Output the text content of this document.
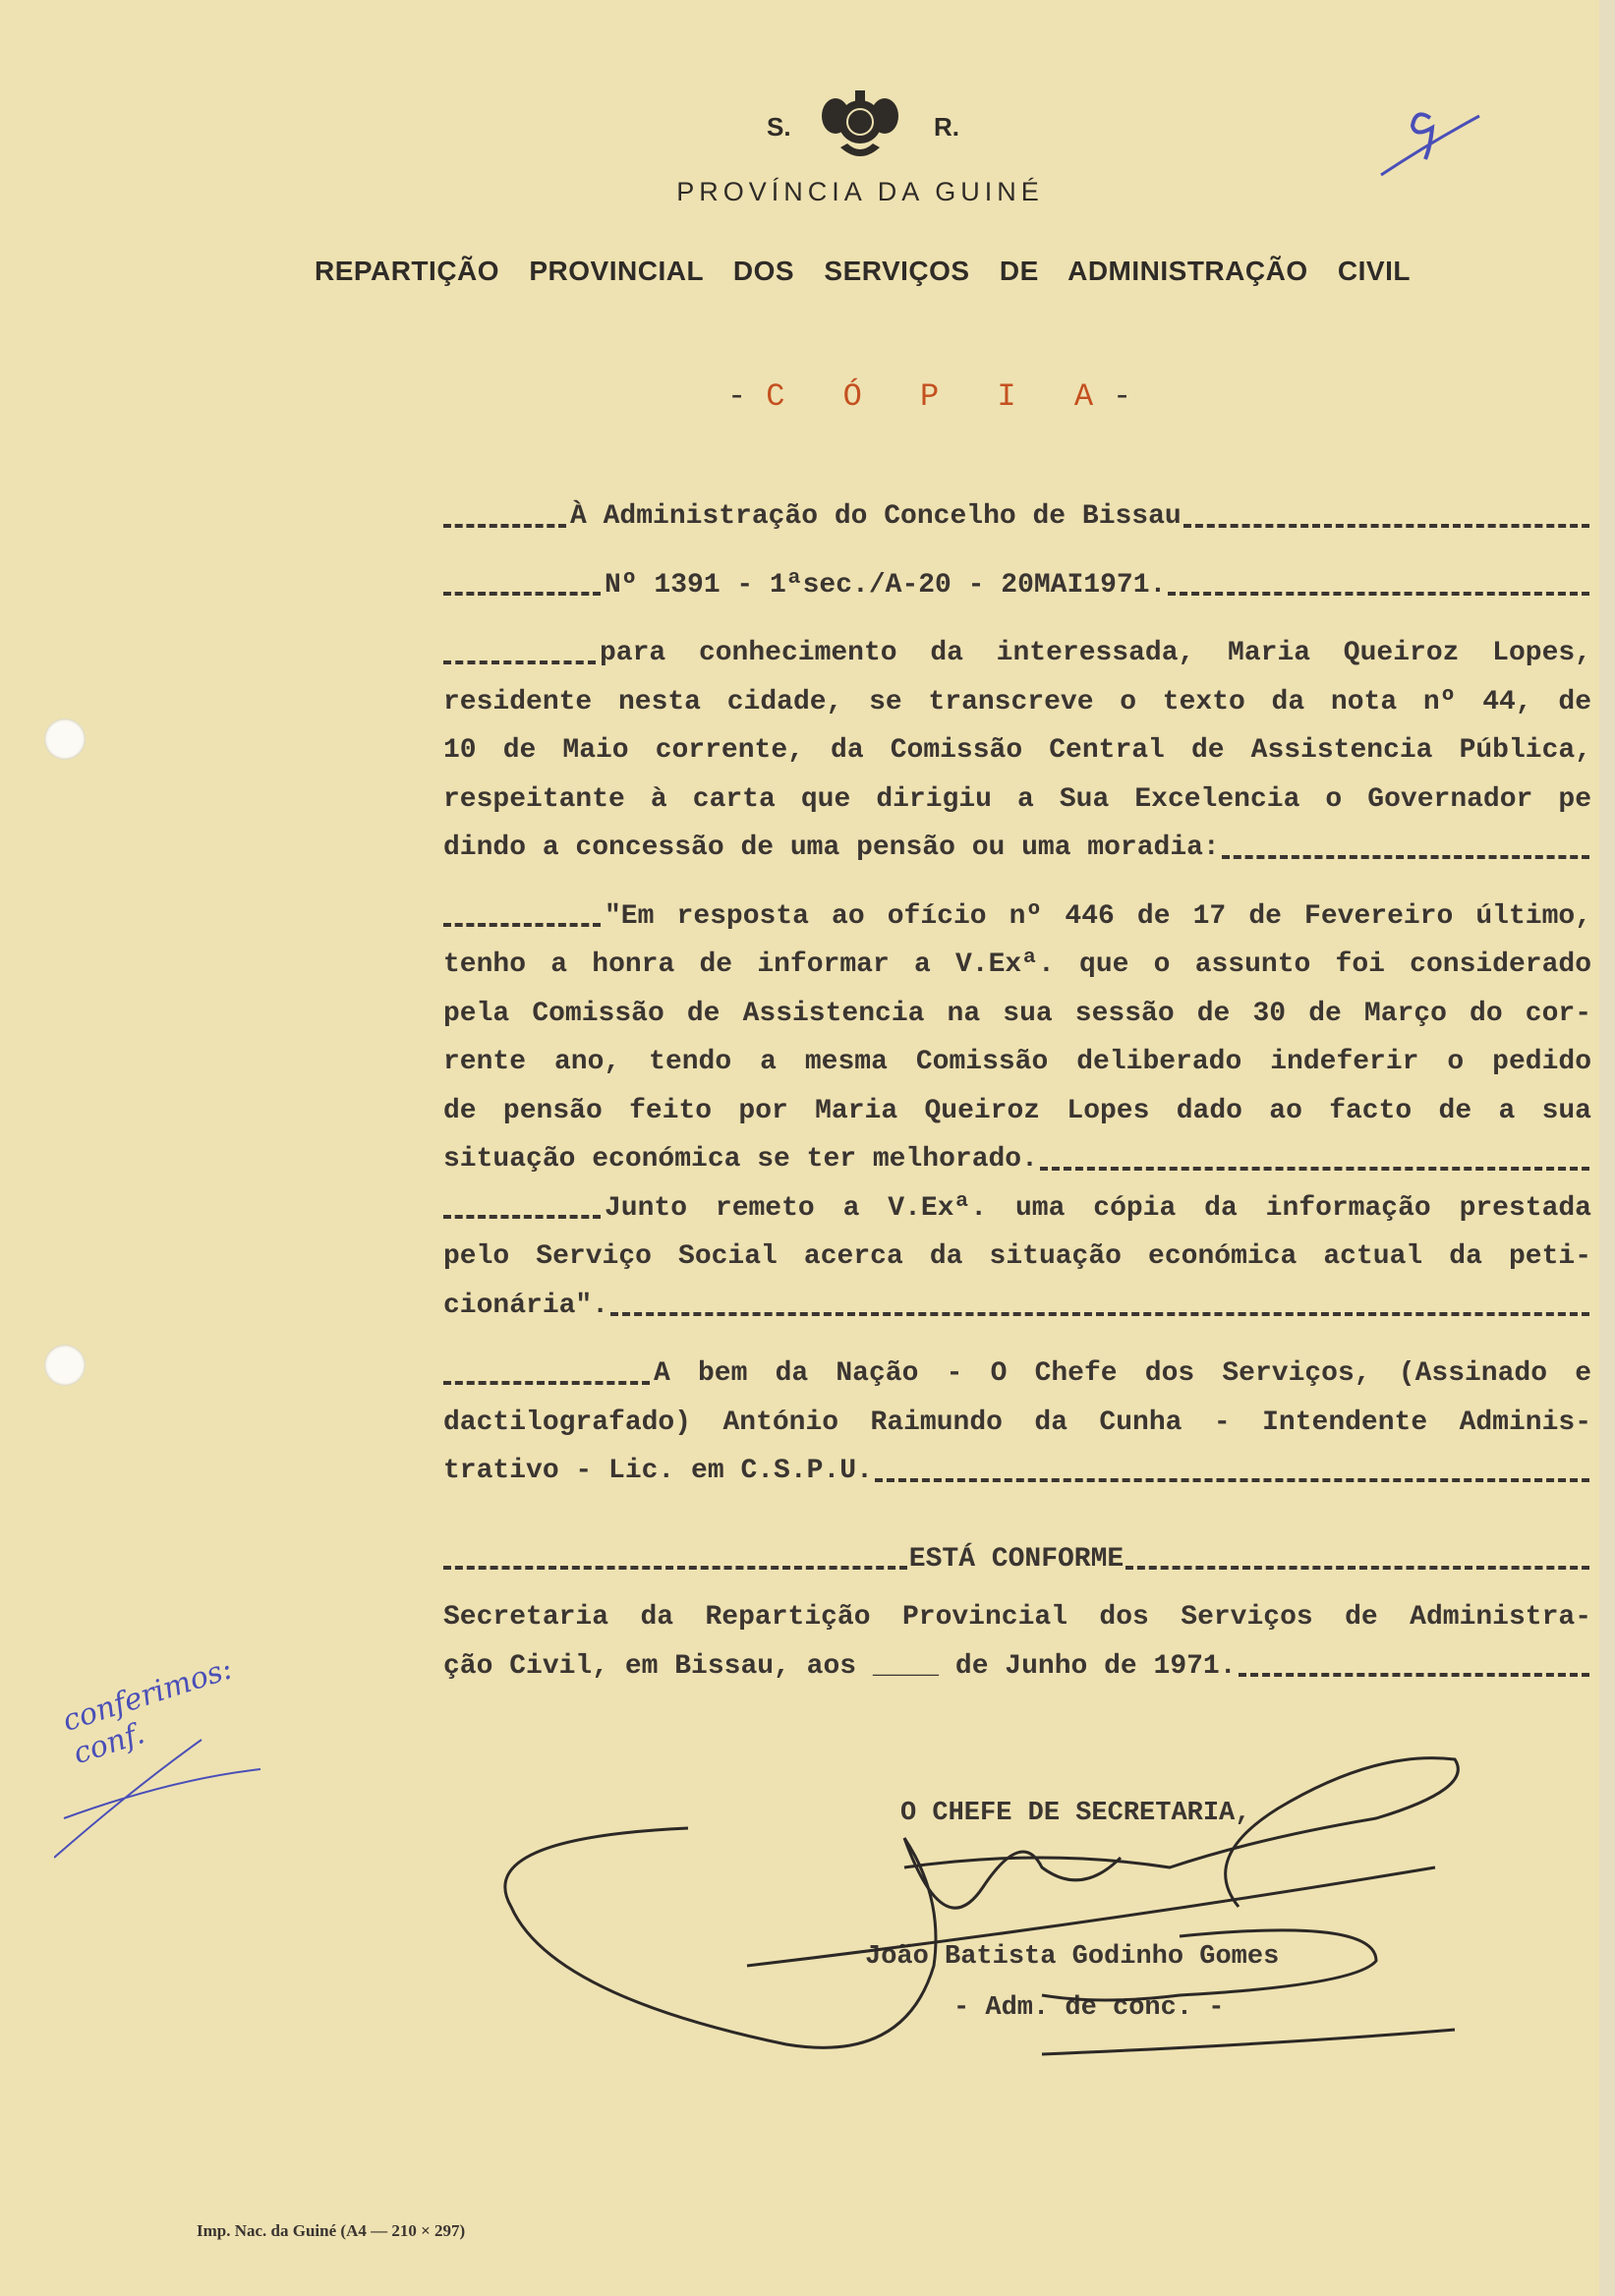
S.	R.
PROVÍNCIA DA GUINÉ
REPARTIÇÃO PROVINCIAL DOS SERVIÇOS DE ADMINISTRAÇÃO CIVIL
-C Ó P I A-
À Administração do Concelho de Bissau
Nº 1391 - 1ªsec./A-20 - 20MAI1971.
para conhecimento da interessada, Maria Queiroz Lopes,
residente nesta cidade, se transcreve o texto da nota nº 44, de
10 de Maio corrente, da Comissão Central de Assistencia Pública,
respeitante à carta que dirigiu a Sua Excelencia o Governador pe
dindo a concessão de uma pensão ou uma moradia:
"Em resposta ao ofício nº 446 de 17 de Fevereiro último,
tenho a honra de informar a V.Exª. que o assunto foi considerado
pela Comissão de Assistencia na sua sessão de 30 de Março do cor-
rente ano, tendo a mesma Comissão deliberado indeferir o pedido
de pensão feito por Maria Queiroz Lopes dado ao facto de a sua
situação económica se ter melhorado.
Junto remeto a V.Exª. uma cópia da informação prestada
pelo Serviço Social acerca da situação económica actual da peti-
cionária".
A bem da Nação - O Chefe dos Serviços, (Assinado e
dactilografado) António Raimundo da Cunha - Intendente Adminis-
trativo - Lic. em C.S.P.U.
ESTÁ CONFORME
Secretaria da Repartição Provincial dos Serviços de Administra-
ção Civil, em Bissau, aos ____ de Junho de 1971.
O CHEFE DE SECRETARIA,
João Batista Godinho Gomes
- Adm. de conc. -
conferimos: conf.
Imp. Nac. da Guiné (A4 — 210 × 297)
